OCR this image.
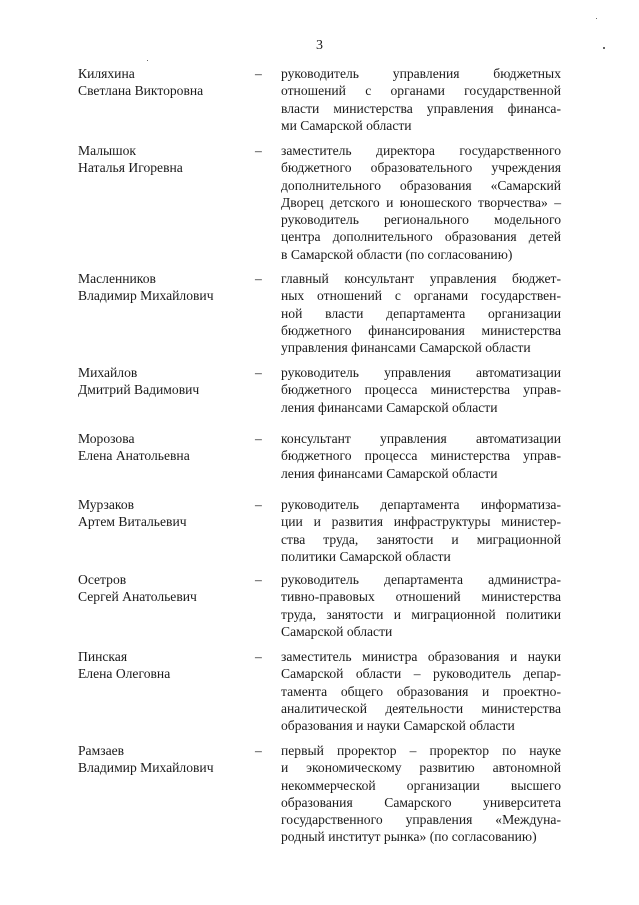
3
Киляхина
Светлана Викторовна
– руководитель управления бюджетных
отношений с органами государственной
власти министерства управления финанса-
ми Самарской области
Малышок
Наталья Игоревна
– заместитель директора государственного
бюджетного образовательного учреждения
дополнительного образования «Самарский
Дворец детского и юношеского творчества» –
руководитель регионального модельного
центра дополнительного образования детей
в Самарской области (по согласованию)
Масленников
Владимир Михайлович
– главный консультант управления бюджет-
ных отношений с органами государствен-
ной власти департамента организации
бюджетного финансирования министерства
управления финансами Самарской области
Михайлов
Дмитрий Вадимович
– руководитель управления автоматизации
бюджетного процесса министерства управ-
ления финансами Самарской области
Морозова
Елена Анатольевна
– консультант управления автоматизации
бюджетного процесса министерства управ-
ления финансами Самарской области
Мурзаков
Артем Витальевич
– руководитель департамента информатиза-
ции и развития инфраструктуры министер-
ства труда, занятости и миграционной
политики Самарской области
Осетров
Сергей Анатольевич
– руководитель департамента администра-
тивно-правовых отношений министерства
труда, занятости и миграционной политики
Самарской области
Пинская
Елена Олеговна
– заместитель министра образования и науки
Самарской области – руководитель депар-
тамента общего образования и проектно-
аналитической деятельности министерства
образования и науки Самарской области
Рамзаев
Владимир Михайлович
– первый проректор – проректор по науке
и экономическому развитию автономной
некоммерческой организации высшего
образования Самарского университета
государственного управления «Междуна-
родный институт рынка» (по согласованию)
